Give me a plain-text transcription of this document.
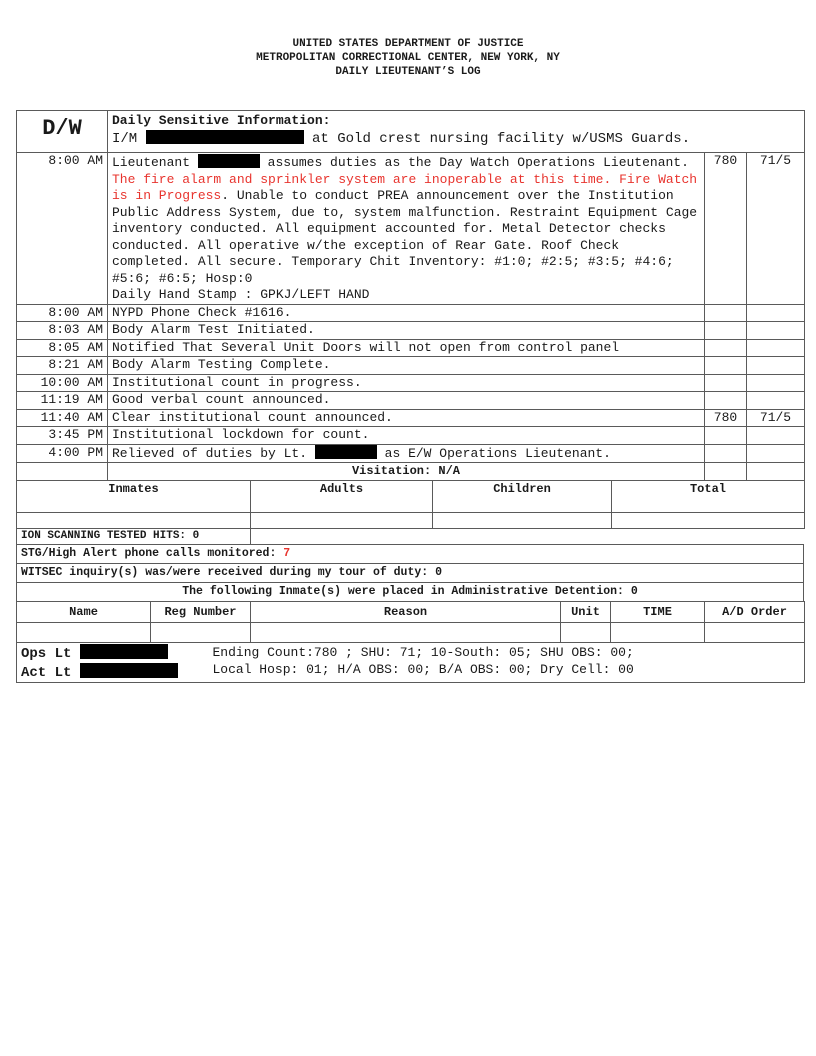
UNITED STATES DEPARTMENT OF JUSTICE
METROPOLITAN CORRECTIONAL CENTER, NEW YORK, NY
DAILY LIEUTENANT’S LOG
D/W	Daily Sensitive Information:
I/M at Gold crest nursing facility w/USMS Guards.		

8:00 AM	Lieutenant assumes duties as the Day Watch Operations Lieutenant. The fire alarm and sprinkler system are inoperable at this time. Fire Watch is in Progress. Unable to conduct PREA announcement over the Institution Public Address System, due to, system malfunction. Restraint Equipment Cage inventory conducted. All equipment accounted for. Metal Detector checks conducted. All operative w/the exception of Rear Gate. Roof Check completed. All secure. Temporary Chit Inventory: #1:0; #2:5; #3:5; #4:6; #5:6; #6:5; Hosp:0
Daily Hand Stamp : GPKJ/LEFT HAND	780	71/5
8:00 AM	NYPD Phone Check #1616.		
8:03 AM	Body Alarm Test Initiated.		
8:05 AM	Notified That Several Unit Doors will not open from control panel		
8:21 AM	Body Alarm Testing Complete.		
10:00 AM	Institutional count in progress.		
11:19 AM	Good verbal count announced.		
11:40 AM	Clear institutional count announced.	780	71/5
3:45 PM	Institutional lockdown for count.		
4:00 PM	Relieved of duties by Lt. as E/W Operations Lieutenant.		
	Visitation: N/A		
Inmates	Adults	Children	Total

ION SCANNING TESTED HITS: 0			
STG/High Alert phone calls monitored: 7
WITSEC inquiry(s) was/were received during my tour of duty: 0
The following Inmate(s) were placed in Administrative Detention: 0
Name	Reg Number	Reason	Unit	TIME	A/D Order

Ops Lt
Act Lt

Ending Count:780 ; SHU: 71; 10-South: 05; SHU OBS: 00;
Local Hosp: 01; H/A OBS: 00; B/A OBS: 00; Dry Cell: 00
